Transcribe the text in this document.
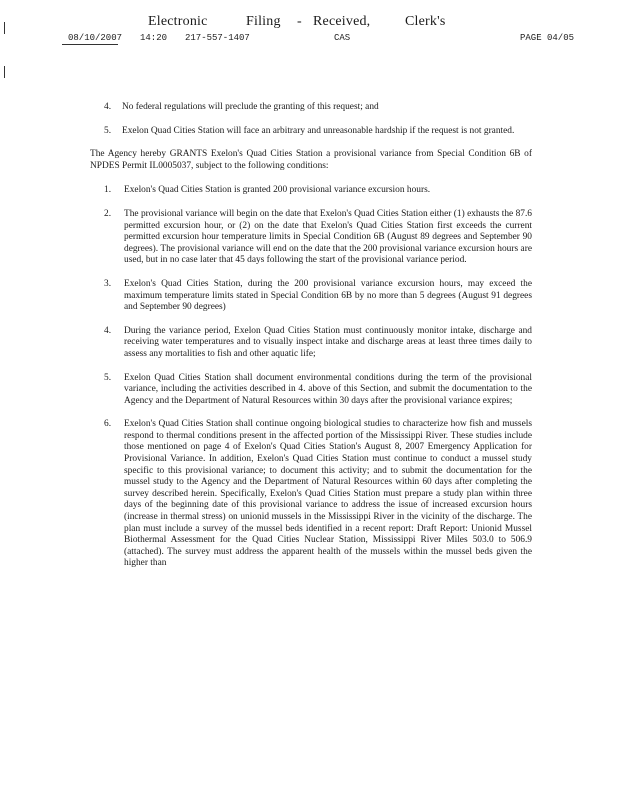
Electronic	Filing - Received, Clerk's
08/10/2007 14:20 217-557-1407	CAS	PAGE 04/05
4.	No federal regulations will preclude the granting of this request; and
5.	Exelon Quad Cities Station will face an arbitrary and unreasonable hardship if the request is not granted.

The Agency hereby GRANTS Exelon's Quad Cities Station a provisional variance from Special Condition 6B of NPDES Permit IL0005037, subject to the following conditions:

1.	Exelon's Quad Cities Station is granted 200 provisional variance excursion hours.
2.	The provisional variance will begin on the date that Exelon's Quad Cities Station either (1) exhausts the 87.6 permitted excursion hour, or (2) on the date that Exelon's Quad Cities Station first exceeds the current permitted excursion hour temperature limits in Special Condition 6B (August 89 degrees and September 90 degrees). The provisional variance will end on the date that the 200 provisional variance excursion hours are used, but in no case later that 45 days following the start of the provisional variance period.
3.	Exelon's Quad Cities Station, during the 200 provisional variance excursion hours, may exceed the maximum temperature limits stated in Special Condition 6B by no more than 5 degrees (August 91 degrees and September 90 degrees)
4.	During the variance period, Exelon Quad Cities Station must continuously monitor intake, discharge and receiving water temperatures and to visually inspect intake and discharge areas at least three times daily to assess any mortalities to fish and other aquatic life;
5.	Exelon Quad Cities Station shall document environmental conditions during the term of the provisional variance, including the activities described in 4. above of this Section, and submit the documentation to the Agency and the Department of Natural Resources within 30 days after the provisional variance expires;
6.	Exelon's Quad Cities Station shall continue ongoing biological studies to characterize how fish and mussels respond to thermal conditions present in the affected portion of the Mississippi River. These studies include those mentioned on page 4 of Exelon's Quad Cities Station's August 8, 2007 Emergency Application for Provisional Variance. In addition, Exelon's Quad Cities Station must continue to conduct a mussel study specific to this provisional variance; to document this activity; and to submit the documentation for the mussel study to the Agency and the Department of Natural Resources within 60 days after completing the survey described herein. Specifically, Exelon's Quad Cities Station must prepare a study plan within three days of the beginning date of this provisional variance to address the issue of increased excursion hours (increase in thermal stress) on unionid mussels in the Mississippi River in the vicinity of the discharge. The plan must include a survey of the mussel beds identified in a recent report: Draft Report: Unionid Mussel Biothermal Assessment for the Quad Cities Nuclear Station, Mississippi River Miles 503.0 to 506.9 (attached). The survey must address the apparent health of the mussels within the mussel beds given the higher than
